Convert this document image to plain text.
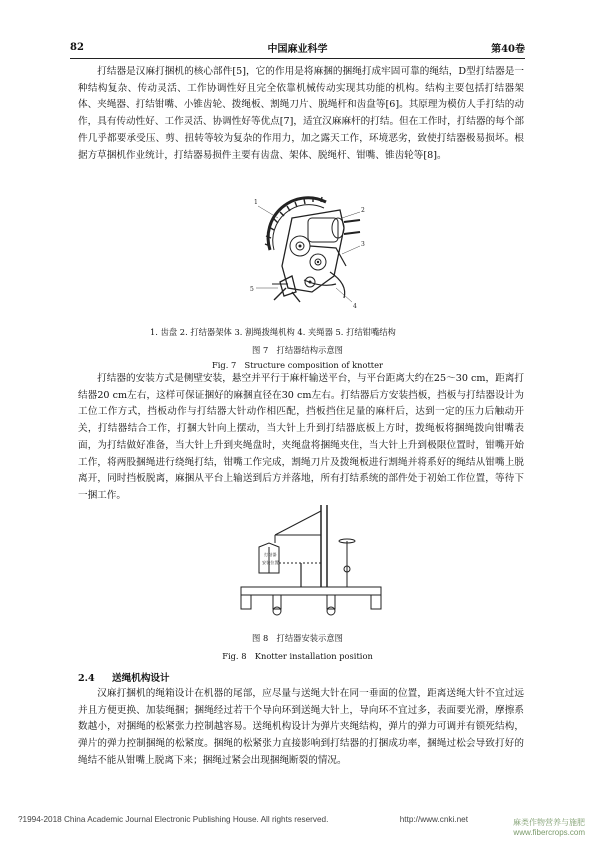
82	中国麻业科学	第40卷

打结器是汉麻打捆机的核心部件[5]，它的作用是将麻捆的捆绳打成牢固可靠的绳结，D型打结器是一种结构复杂、传动灵活、工作协调性好且完全依靠机械传动实现其功能的机构。结构主要包括打结器架体、夹绳器、打结钳嘴、小锥齿轮、拨绳板、割绳刀片、脱绳杆和齿盘等[6]。其原理为模仿人手打结的动作，具有传动性好、工作灵活、协调性好等优点[7]，适宜汉麻麻杆的打结。但在工作时，打结器的每个部件几乎都要承受压、剪、扭转等较为复杂的作用力，加之露天工作，环境恶劣，致使打结器极易损坏。根据方草捆机作业统计，打结器易损件主要有齿盘、架体、脱绳杆、钳嘴、锥齿轮等[8]。

1
2
3
4
5
1. 齿盘 2. 打结器架体 3. 割绳拨绳机构 4. 夹绳器 5. 打结钳嘴结构
图 7　打结器结构示意图
Fig. 7　Structure composition of knotter

打结器的安装方式是侧壁安装，悬空并平行于麻杆输送平台，与平台距离大约在25～30 cm，距离打结器20 cm左右，这样可保证捆好的麻捆直径在30 cm左右。打结器后方安装挡板，挡板与打结器设计为工位工作方式，挡板动作与打结器大针动作相匹配，挡板挡住足量的麻杆后，达到一定的压力后触动开关，打结器结合工作，打捆大针向上摆动，当大针上升到打结器底板上方时，拨绳板将捆绳拨向钳嘴表面，为打结做好准备，当大针上升到夹绳盘时，夹绳盘将捆绳夹住，当大针上升到极限位置时，钳嘴开始工作，将两股捆绳进行绕绳打结，钳嘴工作完成，割绳刀片及拨绳板进行割绳并将系好的绳结从钳嘴上脱离开，同时挡板脱离，麻捆从平台上输送到后方并落地，所有打结系统的部件处于初始工作位置，等待下一捆工作。

打结器
安装位置
图 8　打结器安装示意图
Fig. 8　Knotter installation position
2.4 送绳机构设计

汉麻打捆机的绳箱设计在机器的尾部，应尽量与送绳大针在同一垂面的位置，距离送绳大针不宜过远并且方便更换、加装绳捆；捆绳经过若干个导向环到送绳大针上，导向环不宜过多，表面要光滑，摩擦系数越小，对捆绳的松紧张力控制越容易。送绳机构设计为弹片夹绳结构，弹片的弹力可调并有锁死结构，弹片的弹力控制捆绳的松紧度。捆绳的松紧张力直接影响到打结器的打捆成功率，捆绳过松会导致打好的绳结不能从钳嘴上脱离下来；捆绳过紧会出现捆绳断裂的情况。

?1994-2018 China Academic Journal Electronic Publishing House. All rights reserved.	http://www.cnki.net	麻类作物营养与施肥
www.fibercrops.com
